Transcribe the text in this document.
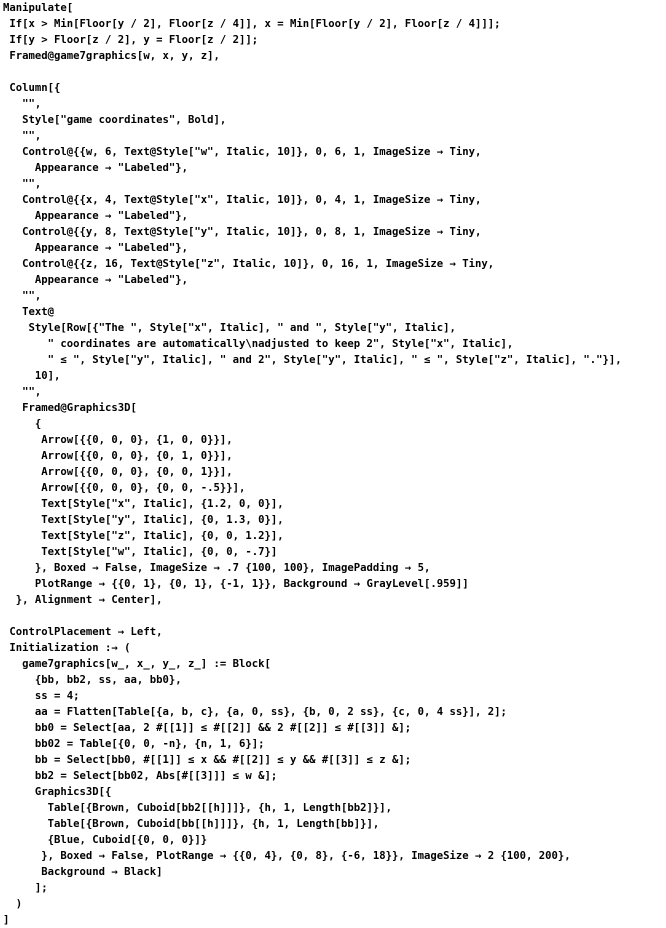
Manipulate[
If[x > Min[Floor[y / 2], Floor[z / 4]], x = Min[Floor[y / 2], Floor[z / 4]]];
If[y > Floor[z / 2], y = Floor[z / 2]];
Framed@game7graphics[w, x, y, z],
Column[{
"",
Style["game coordinates", Bold],
"",
Control@{{w, 6, Text@Style["w", Italic, 10]}, 0, 6, 1, ImageSize → Tiny,
Appearance → "Labeled"},
"",
Control@{{x, 4, Text@Style["x", Italic, 10]}, 0, 4, 1, ImageSize → Tiny,
Appearance → "Labeled"},
Control@{{y, 8, Text@Style["y", Italic, 10]}, 0, 8, 1, ImageSize → Tiny,
Appearance → "Labeled"},
Control@{{z, 16, Text@Style["z", Italic, 10]}, 0, 16, 1, ImageSize → Tiny,
Appearance → "Labeled"},
"",
Text@
Style[Row[{"The ", Style["x", Italic], " and ", Style["y", Italic],
" coordinates are automatically\nadjusted to keep 2", Style["x", Italic],
" ≤ ", Style["y", Italic], " and 2", Style["y", Italic], " ≤ ", Style["z", Italic], "."}],
10],
"",
Framed@Graphics3D[
{
Arrow[{{0, 0, 0}, {1, 0, 0}}],
Arrow[{{0, 0, 0}, {0, 1, 0}}],
Arrow[{{0, 0, 0}, {0, 0, 1}}],
Arrow[{{0, 0, 0}, {0, 0, -.5}}],
Text[Style["x", Italic], {1.2, 0, 0}],
Text[Style["y", Italic], {0, 1.3, 0}],
Text[Style["z", Italic], {0, 0, 1.2}],
Text[Style["w", Italic], {0, 0, -.7}]
}, Boxed → False, ImageSize → .7 {100, 100}, ImagePadding → 5,
PlotRange → {{0, 1}, {0, 1}, {-1, 1}}, Background → GrayLevel[.959]]
}, Alignment → Center],
ControlPlacement → Left,
Initialization :→ (
game7graphics[w_, x_, y_, z_] := Block[
{bb, bb2, ss, aa, bb0},
ss = 4;
aa = Flatten[Table[{a, b, c}, {a, 0, ss}, {b, 0, 2 ss}, {c, 0, 4 ss}], 2];
bb0 = Select[aa, 2 #[[1]] ≤ #[[2]] && 2 #[[2]] ≤ #[[3]] &];
bb02 = Table[{0, 0, -n}, {n, 1, 6}];
bb = Select[bb0, #[[1]] ≤ x && #[[2]] ≤ y && #[[3]] ≤ z &];
bb2 = Select[bb02, Abs[#[[3]]] ≤ w &];
Graphics3D[{
Table[{Brown, Cuboid[bb2[[h]]]}, {h, 1, Length[bb2]}],
Table[{Brown, Cuboid[bb[[h]]]}, {h, 1, Length[bb]}],
{Blue, Cuboid[{0, 0, 0}]}
}, Boxed → False, PlotRange → {{0, 4}, {0, 8}, {-6, 18}}, ImageSize → 2 {100, 200},
Background → Black]
];
)
]
